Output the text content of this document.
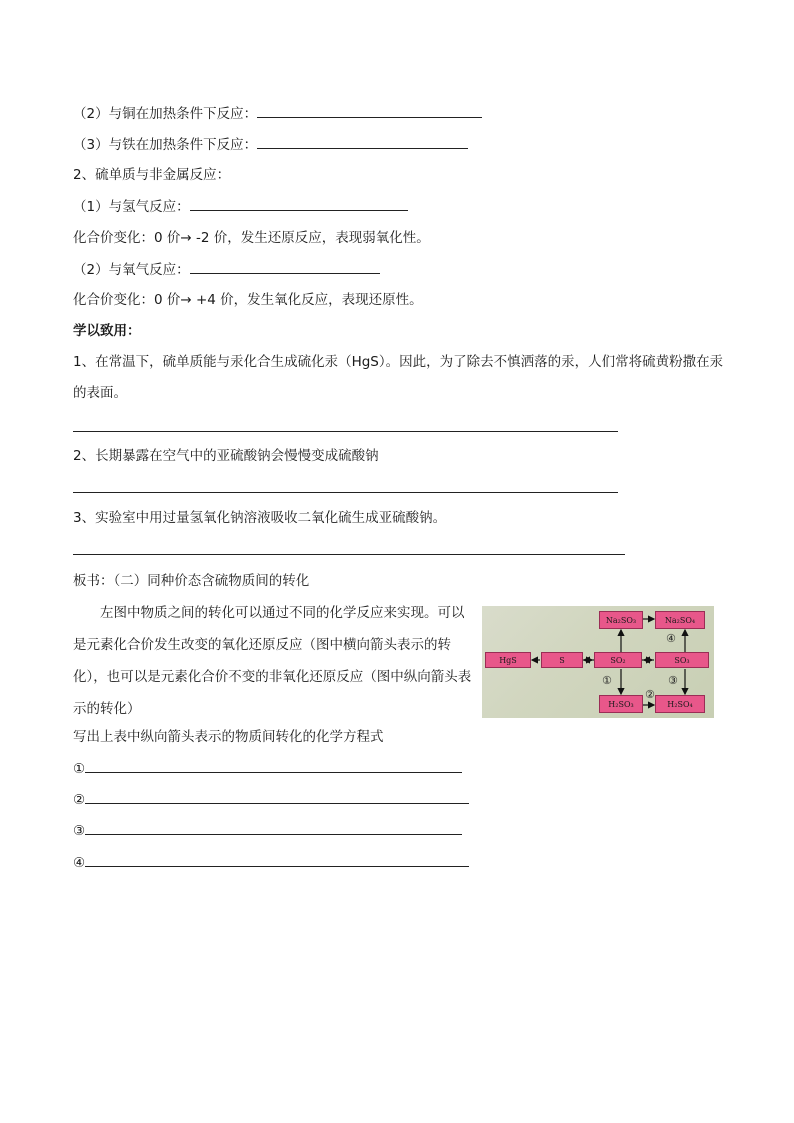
（2）与铜在加热条件下反应：
（3）与铁在加热条件下反应：
2、硫单质与非金属反应：
（1）与氢气反应：
化合价变化：0 价→ -2 价，发生还原反应，表现弱氧化性。
（2）与氧气反应：
化合价变化：0 价→ +4 价，发生氧化反应，表现还原性。
学以致用：
1、在常温下，硫单质能与汞化合生成硫化汞（HgS）。因此，为了除去不慎洒落的汞，人们常将硫黄粉撒在汞的表面。
2、长期暴露在空气中的亚硫酸钠会慢慢变成硫酸钠
3、实验室中用过量氢氧化钠溶液吸收二氧化硫生成亚硫酸钠。
板书：（二）同种价态含硫物质间的转化
左图中物质之间的转化可以通过不同的化学反应来实现。可以是元素化合价发生改变的氧化还原反应（图中横向箭头表示的转化），也可以是元素化合价不变的非氧化还原反应（图中纵向箭头表示的转化）
写出上表中纵向箭头表示的物质间转化的化学方程式
①
②
③
④
HgS	S	SO₂	SO₃
Na₂SO₃	Na₂SO₄
H₂SO₃	H₂SO₄
①
②
③
④
